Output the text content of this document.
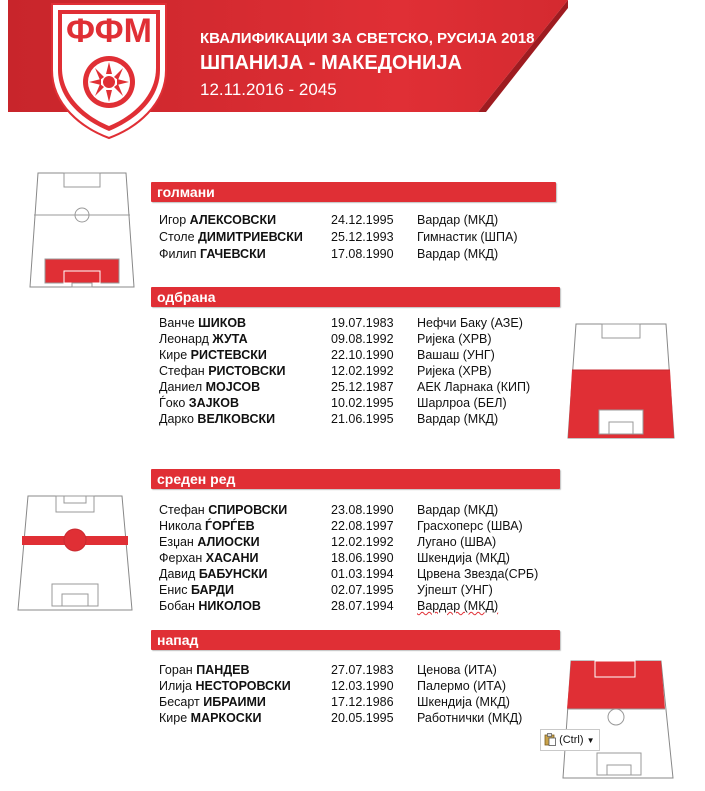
ФФМ	КВАЛИФИКАЦИИ ЗА СВЕТСКО, РУСИЈА 2018
ШПАНИЈА - МАКЕДОНИЈА
12.11.2016 - 2045
голмани
Игор АЛЕКСОВСКИ	24.12.1995 Вардар (МКД)
Столе ДИМИТРИЕВСКИ 25.12.1993 Гимнастик (ШПА)
Филип ГАЧЕВСКИ	17.08.1990 Вардар (МКД)
одбрана
Ванче ШИКОВ	19.07.1983 Нефчи Баку (АЗЕ)
Леонард ЖУТА	09.08.1992 Ријека (ХРВ)
Кире РИСТЕВСКИ	22.10.1990 Вашаш (УНГ)
Стефан РИСТОВСКИ	12.02.1992 Ријека (ХРВ)
Даниел МОЈСОВ	25.12.1987 АЕК Ларнака (КИП)
Ѓоко ЗАЈКОВ	10.02.1995 Шарлроа (БЕЛ)
Дарко ВЕЛКОВСКИ	21.06.1995 Вардар (МКД)
среден ред
Стефан СПИРОВСКИ	23.08.1990 Вардар (МКД)
Никола ЃОРЃЕВ	22.08.1997 Грасхоперс (ШВА)
Езџан АЛИОСКИ	12.02.1992 Лугано (ШВА)
Ферхан ХАСАНИ	18.06.1990 Шкендија (МКД)
Давид БАБУНСКИ	01.03.1994 Црвена Звезда(СРБ)
Енис БАРДИ	02.07.1995 Ујпешт (УНГ)
Бобан НИКОЛОВ	28.07.1994 Вардар (МКД)
напад
Горан ПАНДЕВ	27.07.1983 Ценова (ИТА)
Илија НЕСТОРОВСКИ	12.03.1990 Палермо (ИТА)
Бесарт ИБРАИМИ	17.12.1986 Шкендија (МКД)
Кире МАРКОСКИ	20.05.1995 Работнички (МКД)
(Ctrl) ▼
